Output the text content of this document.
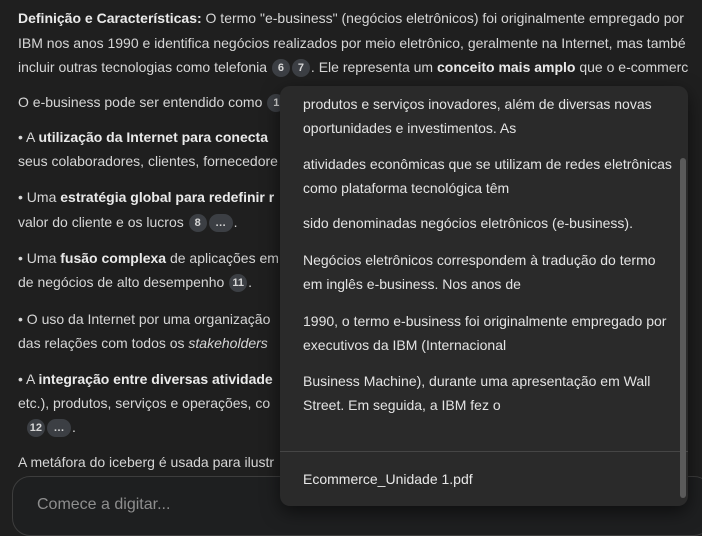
Definição e Características: O termo "e-business" (negócios eletrônicos) foi originalmente empregado por
IBM nos anos 1990 e identifica negócios realizados por meio eletrônico, geralmente na Internet, mas també
incluir outras tecnologias como telefonia 6 7 . Ele representa um conceito mais amplo que o e-commerc
O e-business pode ser entendido como 1
• A utilização da Internet para conecta
seus colaboradores, clientes, fornecedore
• Uma estratégia global para redefinir r
valor do cliente e os lucros 8 … .
• Uma fusão complexa de aplicações em
de negócios de alto desempenho 11 .
• O uso da Internet por uma organização
das relações com todos os stakeholders
• A integração entre diversas atividade
etc.), produtos, serviços e operações, co
12 … .
A metáfora do iceberg é usada para ilustr
Comece a digitar...
produtos e serviços inovadores, além de diversas novas oportunidades e investimentos. As
atividades econômicas que se utilizam de redes eletrônicas como plataforma tecnológica têm
sido denominadas negócios eletrônicos (e-business).
Negócios eletrônicos correspondem à tradução do termo em inglês e-business. Nos anos de
1990, o termo e-business foi originalmente empregado por executivos da IBM (Internacional
Business Machine), durante uma apresentação em Wall Street. Em seguida, a IBM fez o
Ecommerce_Unidade 1.pdf
